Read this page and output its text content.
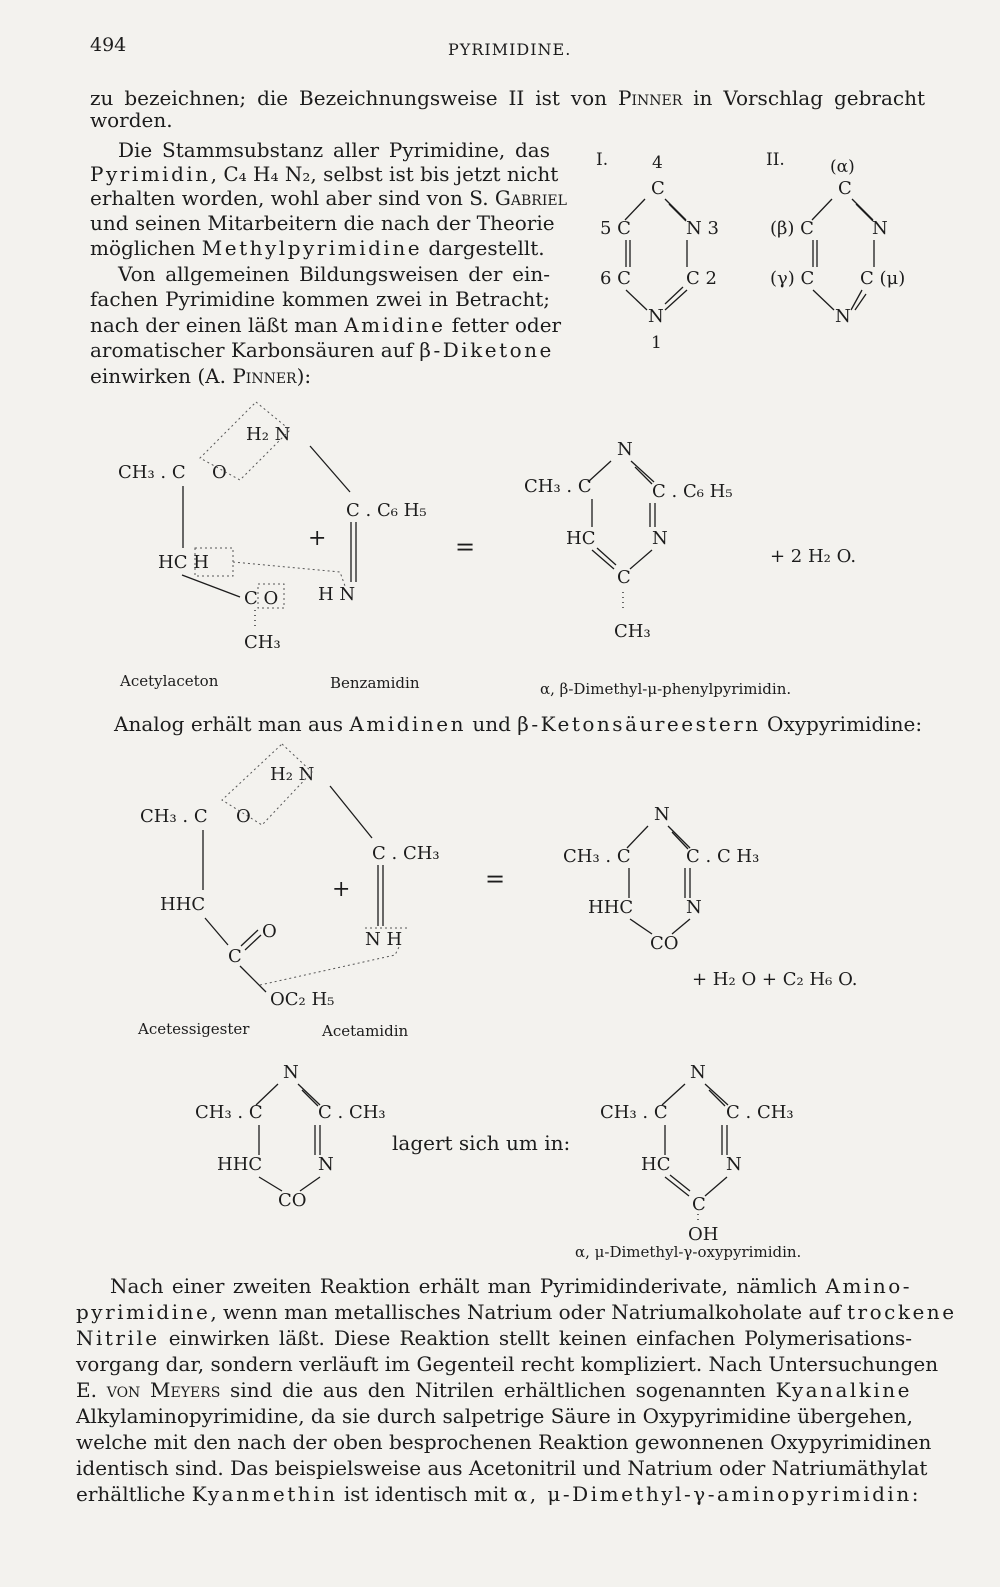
494	PYRIMIDINE.
zu bezeichnen; die Bezeichnungsweise II ist von Pinner in Vorschlag gebracht
worden.
Die Stammsubstanz aller Pyrimidine, das
Pyrimidin, C₄ H₄ N₂, selbst ist bis jetzt nicht
erhalten worden, wohl aber sind von S. Gabriel
und seinen Mitarbeitern die nach der Theorie
möglichen Methylpyrimidine dargestellt.
Von allgemeinen Bildungsweisen der ein-
fachen Pyrimidine kommen zwei in Betracht;
nach der einen läßt man Amidine fetter oder
aromatischer Karbonsäuren auf β-Diketone
einwirken (A. Pinner):
I.	4
C
5 C	N 3
6 C	C 2
N
1
II.	(α)
C
(β) C	N
(γ) C	C (μ)
N
H₂ N
CH₃ . C O
C . C₆ H₅
+
HC H
C O H N
CH₃
=
N
CH₃ . C	C . C₆ H₅
HC	N
C
CH₃
+ 2 H₂ O.
Acetylaceton	Benzamidin	α, β-Dimethyl-μ-phenylpyrimidin.
Analog erhält man aus Amidinen und β-Ketonsäureestern Oxypyrimidine:
H₂ N
CH₃ . C O
C . CH₃
+
HHC
O	N H
C
OC₂ H₅
=
N
CH₃ . C	C . C H₃
HHC	N
CO
+ H₂ O + C₂ H₆ O.
Acetessigester	Acetamidin
N
CH₃ . C	C . CH₃
HHC	N
CO
lagert sich um in:
N
CH₃ . C	C . CH₃
HC	N
C
OH
α, μ-Dimethyl-γ-oxypyrimidin.
Nach einer zweiten Reaktion erhält man Pyrimidinderivate, nämlich Amino-
pyrimidine, wenn man metallisches Natrium oder Natriumalkoholate auf trockene
Nitrile einwirken läßt. Diese Reaktion stellt keinen einfachen Polymerisations-
vorgang dar, sondern verläuft im Gegenteil recht kompliziert. Nach Untersuchungen
E. von Meyers sind die aus den Nitrilen erhältlichen sogenannten Kyanalkine
Alkylaminopyrimidine, da sie durch salpetrige Säure in Oxypyrimidine übergehen,
welche mit den nach der oben besprochenen Reaktion gewonnenen Oxypyrimidinen
identisch sind. Das beispielsweise aus Acetonitril und Natrium oder Natriumäthylat
erhältliche Kyanmethin ist identisch mit α, μ-Dimethyl-γ-aminopyrimidin:
